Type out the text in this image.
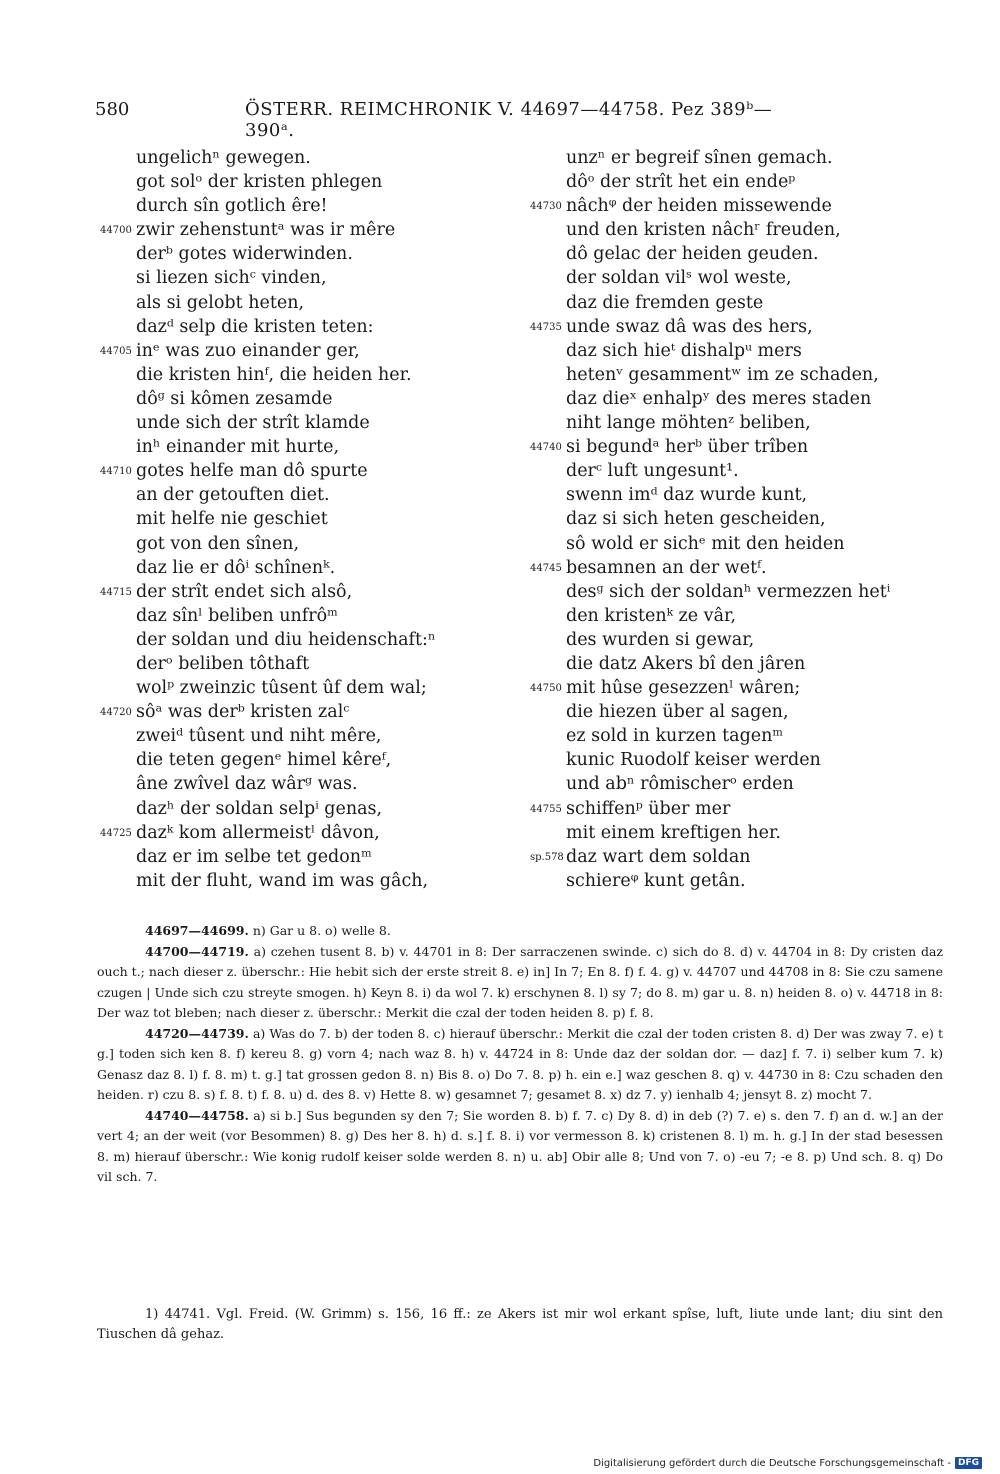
580	ÖSTERR. REIMCHRONIK V. 44697—44758. Pez 389ᵇ—390ᵃ.
ungelichⁿ gewegen.
got solᵒ der kristen phlegen
durch sîn gotlich êre!
44700 zwir zehenstuntᵃ was ir mêre
derᵇ gotes widerwinden.
si liezen sichᶜ vinden,
als si gelobt heten,
dazᵈ selp die kristen teten:
44705 inᵉ was zuo einander ger,
die kristen hinᶠ, die heiden her.
dôᵍ si kômen zesamde
unde sich der strît klamde
inʰ einander mit hurte,
44710 gotes helfe man dô spurte
an der getouften diet.
mit helfe nie geschiet
got von den sînen,
daz lie er dôⁱ schînenᵏ.
44715 der strît endet sich alsô,
daz sînˡ beliben unfrôᵐ
der soldan und diu heidenschaft:ⁿ
derᵒ beliben tôthaft
wolᵖ zweinzic tûsent ûf dem wal;
44720 sôᵃ was derᵇ kristen zalᶜ
zweiᵈ tûsent und niht mêre,
die teten gegenᵉ himel kêreᶠ,
âne zwîvel daz wârᵍ was.
dazʰ der soldan selpⁱ genas,
44725 dazᵏ kom allermeistˡ dâvon,
daz er im selbe tet gedonᵐ
mit der fluht, wand im was gâch,
unzⁿ er begreif sînen gemach.
dôᵒ der strît het ein endeᵖ
44730 nâchᵠ der heiden missewende
und den kristen nâchʳ freuden,
dô gelac der heiden geuden.
der soldan vilˢ wol weste,
daz die fremden geste
44735 unde swaz dâ was des hers,
daz sich hieᵗ dishalpᵘ mers
hetenᵛ gesammentʷ im ze schaden,
daz dieˣ enhalpʸ des meres staden
niht lange möhtenᶻ beliben,
44740 si begundᵃ herᵇ über trîben
derᶜ luft ungesunt¹.
swenn imᵈ daz wurde kunt,
daz si sich heten gescheiden,
sô wold er sichᵉ mit den heiden
44745 besamnen an der wetᶠ.
desᵍ sich der soldanʰ vermezzen hetⁱ
den kristenᵏ ze vâr,
des wurden si gewar,
die datz Akers bî den jâren
44750 mit hûse gesezzenˡ wâren;
die hiezen über al sagen,
ez sold in kurzen tagenᵐ
kunic Ruodolf keiser werden
und abⁿ rômischerᵒ erden
44755 schiffenᵖ über mer
mit einem kreftigen her.
sp.578 daz wart dem soldan
schiereᵠ kunt getân.

44697—44699. n) Gar u 8. o) welle 8.

44700—44719. a) czehen tusent 8. b) v. 44701 in 8: Der sarraczenen swinde. c) sich do 8. d) v. 44704 in 8: Dy cristen daz ouch t.; nach dieser z. überschr.: Hie hebit sich der erste streit 8. e) in] In 7; En 8. f) f. 4. g) v. 44707 und 44708 in 8: Sie czu samene czugen | Unde sich czu streyte smogen. h) Keyn 8. i) da wol 7. k) erschynen 8. l) sy 7; do 8. m) gar u. 8. n) heiden 8. o) v. 44718 in 8: Der waz tot bleben; nach dieser z. überschr.: Merkit die czal der toden heiden 8. p) f. 8.

44720—44739. a) Was do 7. b) der toden 8. c) hierauf überschr.: Merkit die czal der toden cristen 8. d) Der was zway 7. e) t g.] toden sich ken 8. f) kereu 8. g) vorn 4; nach waz 8. h) v. 44724 in 8: Unde daz der soldan dor. — daz] f. 7. i) selber kum 7. k) Genasz daz 8. l) f. 8. m) t. g.] tat grossen gedon 8. n) Bis 8. o) Do 7. 8. p) h. ein e.] waz geschen 8. q) v. 44730 in 8: Czu schaden den heiden. r) czu 8. s) f. 8. t) f. 8. u) d. des 8. v) Hette 8. w) gesamnet 7; gesamet 8. x) dz 7. y) ienhalb 4; jensyt 8. z) mocht 7.

44740—44758. a) si b.] Sus begunden sy den 7; Sie worden 8. b) f. 7. c) Dy 8. d) in deb (?) 7. e) s. den 7. f) an d. w.] an der vert 4; an der weit (vor Besommen) 8. g) Des her 8. h) d. s.] f. 8. i) vor vermesson 8. k) cristenen 8. l) m. h. g.] In der stad besessen 8. m) hierauf überschr.: Wie konig rudolf keiser solde werden 8. n) u. ab] Obir alle 8; Und von 7. o) -eu 7; -e 8. p) Und sch. 8. q) Do vil sch. 7.

1) 44741. Vgl. Freid. (W. Grimm) s. 156, 16 ff.: ze Akers ist mir wol erkant spîse, luft, liute unde lant; diu sint den Tiuschen dâ gehaz.

Digitalisierung gefördert durch die Deutsche Forschungsgemeinschaft - DFG
